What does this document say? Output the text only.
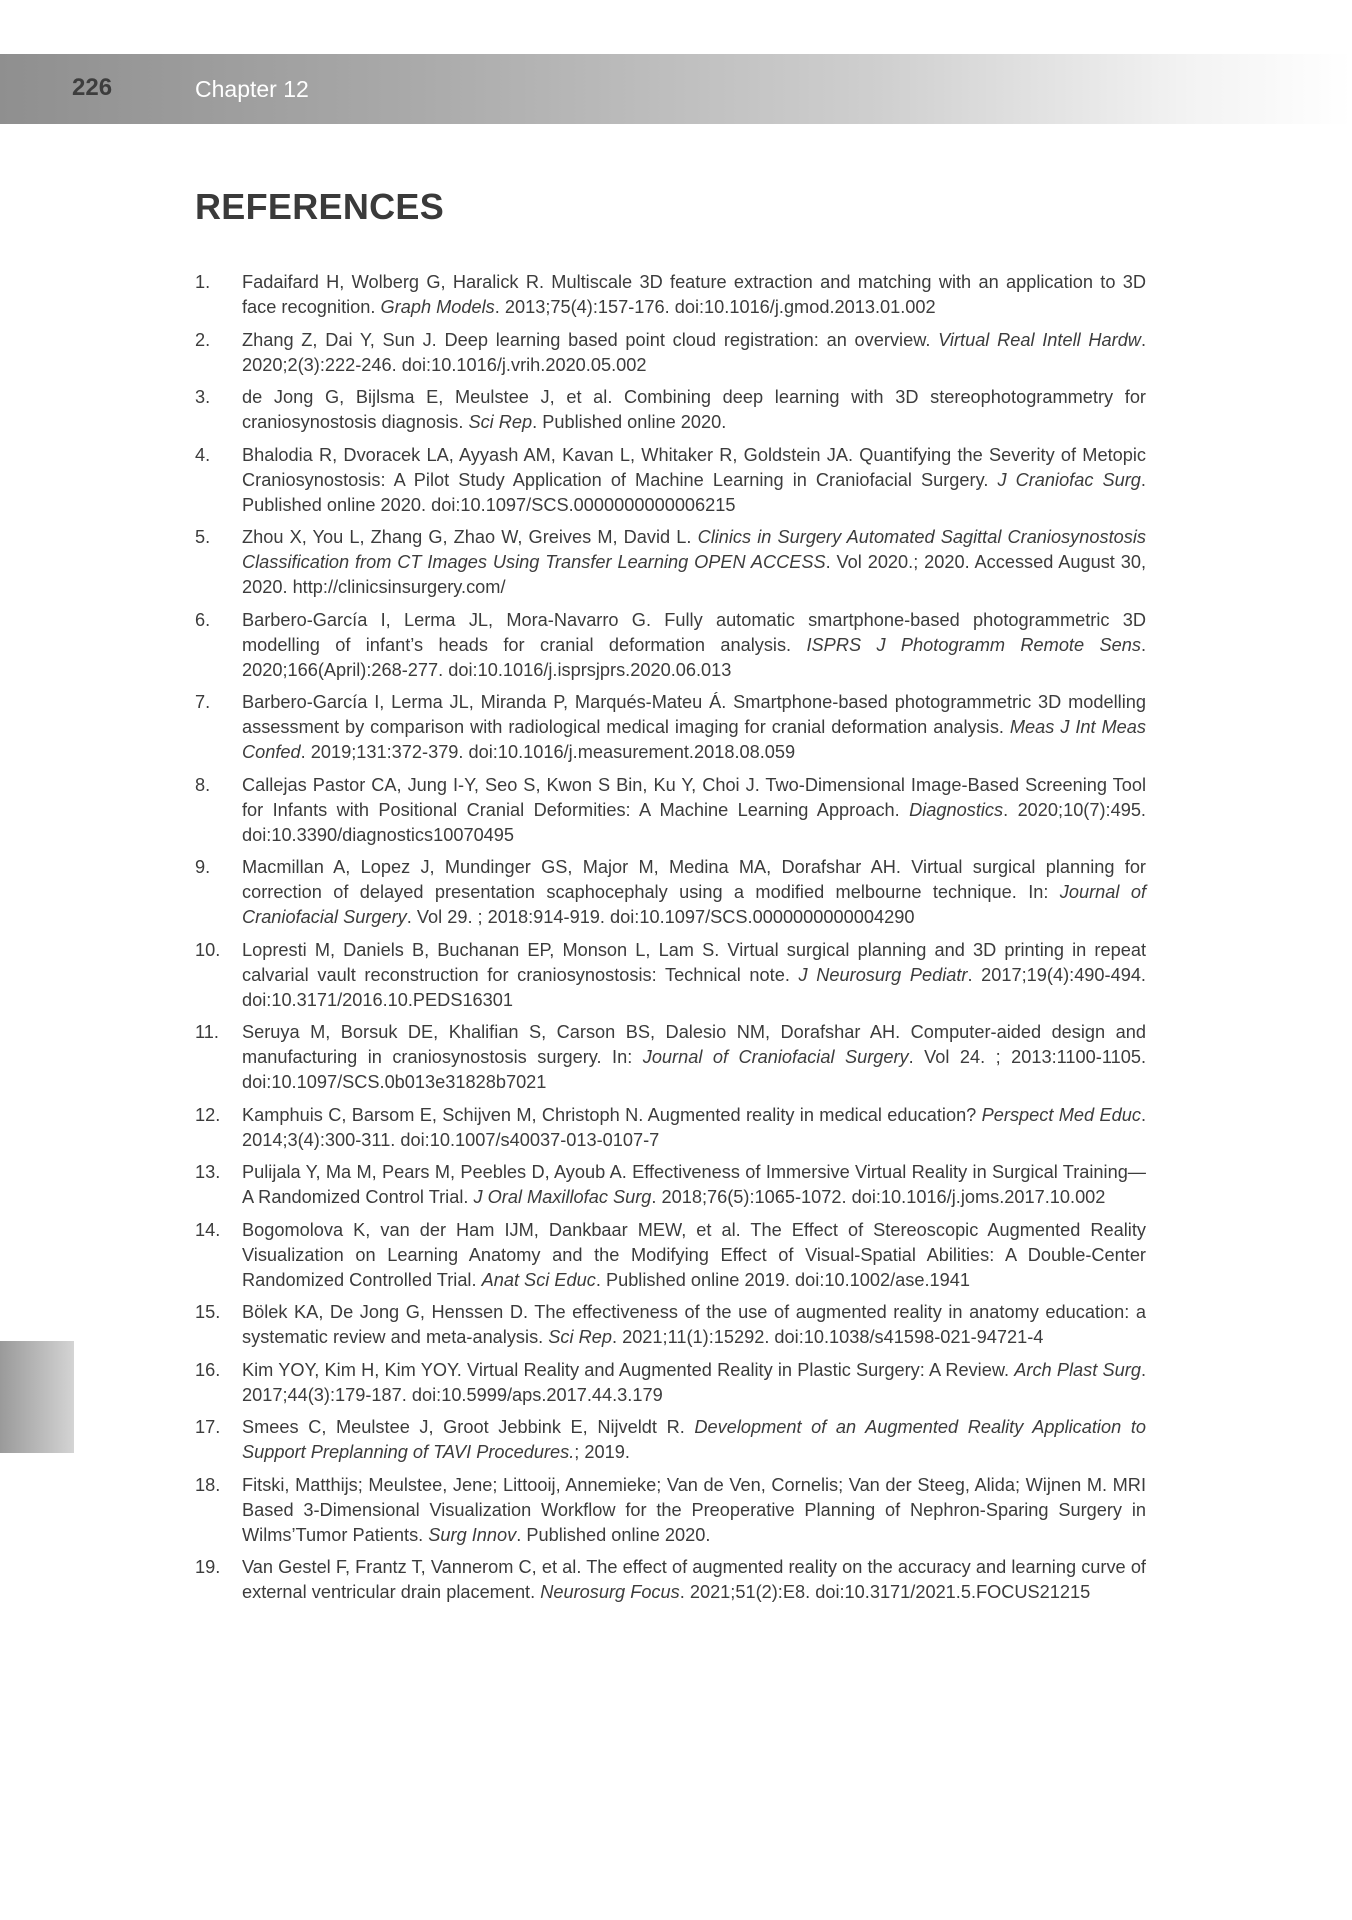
226	Chapter 12
REFERENCES
1.	Fadaifard H, Wolberg G, Haralick R. Multiscale 3D feature extraction and matching with an application to 3D face recognition. Graph Models. 2013;75(4):157-176. doi:10.1016/j.gmod.2013.01.002
2.	Zhang Z, Dai Y, Sun J. Deep learning based point cloud registration: an overview. Virtual Real Intell Hardw. 2020;2(3):222-246. doi:10.1016/j.vrih.2020.05.002
3.	de Jong G, Bijlsma E, Meulstee J, et al. Combining deep learning with 3D stereophotogrammetry for craniosynostosis diagnosis. Sci Rep. Published online 2020.
4.	Bhalodia R, Dvoracek LA, Ayyash AM, Kavan L, Whitaker R, Goldstein JA. Quantifying the Severity of Metopic Craniosynostosis: A Pilot Study Application of Machine Learning in Craniofacial Surgery. J Craniofac Surg. Published online 2020. doi:10.1097/SCS.0000000000006215
5.	Zhou X, You L, Zhang G, Zhao W, Greives M, David L. Clinics in Surgery Automated Sagittal Craniosynostosis Classification from CT Images Using Transfer Learning OPEN ACCESS. Vol 2020.; 2020. Accessed August 30, 2020. http://clinicsinsurgery.com/
6.	Barbero-García I, Lerma JL, Mora-Navarro G. Fully automatic smartphone-based photogrammetric 3D modelling of infant’s heads for cranial deformation analysis. ISPRS J Photogramm Remote Sens. 2020;166(April):268-277. doi:10.1016/j.isprsjprs.2020.06.013
7.	Barbero-García I, Lerma JL, Miranda P, Marqués-Mateu Á. Smartphone-based photogrammetric 3D modelling assessment by comparison with radiological medical imaging for cranial deformation analysis. Meas J Int Meas Confed. 2019;131:372-379. doi:10.1016/j.measurement.2018.08.059
8.	Callejas Pastor CA, Jung I-Y, Seo S, Kwon S Bin, Ku Y, Choi J. Two-Dimensional Image-Based Screening Tool for Infants with Positional Cranial Deformities: A Machine Learning Approach. Diagnostics. 2020;10(7):495. doi:10.3390/diagnostics10070495
9.	Macmillan A, Lopez J, Mundinger GS, Major M, Medina MA, Dorafshar AH. Virtual surgical planning for correction of delayed presentation scaphocephaly using a modified melbourne technique. In: Journal of Craniofacial Surgery. Vol 29. ; 2018:914-919. doi:10.1097/SCS.0000000000004290
10.	Lopresti M, Daniels B, Buchanan EP, Monson L, Lam S. Virtual surgical planning and 3D printing in repeat calvarial vault reconstruction for craniosynostosis: Technical note. J Neurosurg Pediatr. 2017;19(4):490-494. doi:10.3171/2016.10.PEDS16301
11.	Seruya M, Borsuk DE, Khalifian S, Carson BS, Dalesio NM, Dorafshar AH. Computer-aided design and manufacturing in craniosynostosis surgery. In: Journal of Craniofacial Surgery. Vol 24. ; 2013:1100-1105. doi:10.1097/SCS.0b013e31828b7021
12.	Kamphuis C, Barsom E, Schijven M, Christoph N. Augmented reality in medical education? Perspect Med Educ. 2014;3(4):300-311. doi:10.1007/s40037-013-0107-7
13.	Pulijala Y, Ma M, Pears M, Peebles D, Ayoub A. Effectiveness of Immersive Virtual Reality in Surgical Training—A Randomized Control Trial. J Oral Maxillofac Surg. 2018;76(5):1065-1072. doi:10.1016/j.joms.2017.10.002
14.	Bogomolova K, van der Ham IJM, Dankbaar MEW, et al. The Effect of Stereoscopic Augmented Reality Visualization on Learning Anatomy and the Modifying Effect of Visual-Spatial Abilities: A Double-Center Randomized Controlled Trial. Anat Sci Educ. Published online 2019. doi:10.1002/ase.1941
15.	Bölek KA, De Jong G, Henssen D. The effectiveness of the use of augmented reality in anatomy education: a systematic review and meta-analysis. Sci Rep. 2021;11(1):15292. doi:10.1038/s41598-021-94721-4
16.	Kim YOY, Kim H, Kim YOY. Virtual Reality and Augmented Reality in Plastic Surgery: A Review. Arch Plast Surg. 2017;44(3):179-187. doi:10.5999/aps.2017.44.3.179
17.	Smees C, Meulstee J, Groot Jebbink E, Nijveldt R. Development of an Augmented Reality Application to Support Preplanning of TAVI Procedures.; 2019.
18.	Fitski, Matthijs; Meulstee, Jene; Littooij, Annemieke; Van de Ven, Cornelis; Van der Steeg, Alida; Wijnen M. MRI Based 3-Dimensional Visualization Workflow for the Preoperative Planning of Nephron-Sparing Surgery in Wilms’Tumor Patients. Surg Innov. Published online 2020.
19.	Van Gestel F, Frantz T, Vannerom C, et al. The effect of augmented reality on the accuracy and learning curve of external ventricular drain placement. Neurosurg Focus. 2021;51(2):E8. doi:10.3171/2021.5.FOCUS21215
